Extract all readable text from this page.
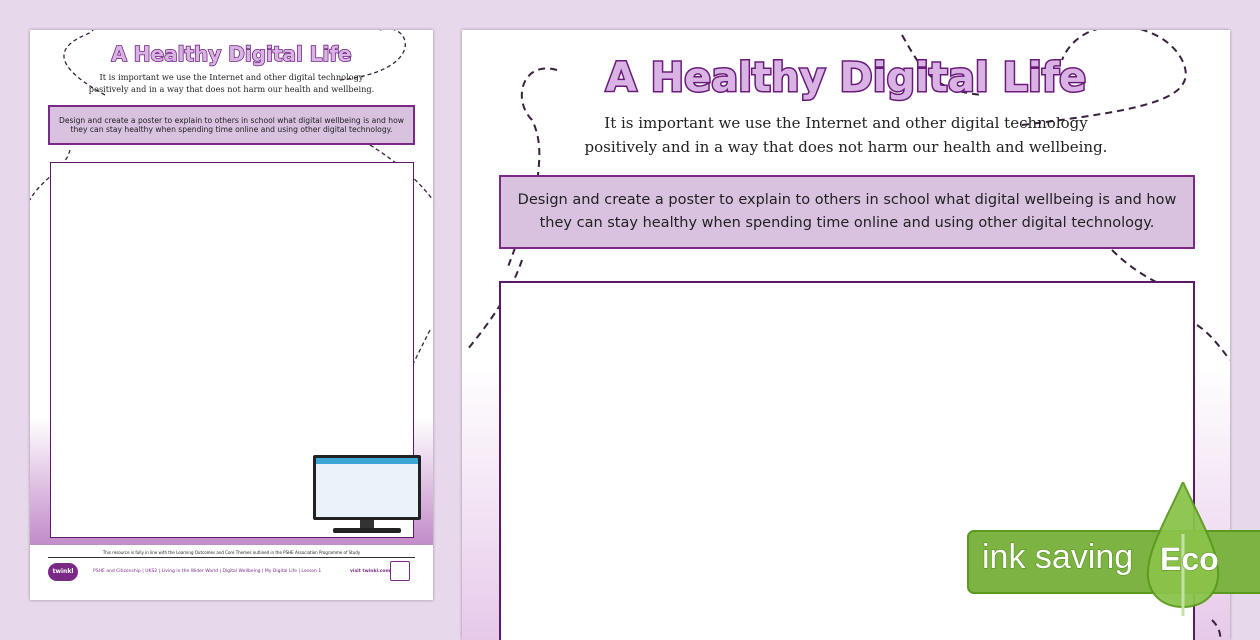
A Healthy Digital Life
It is important we use the Internet and other digital technology
positively and in a way that does not harm our health and wellbeing.
Design and create a poster to explain to others in school what digital wellbeing is and how
they can stay healthy when spending time online and using other digital technology.
This resource is fully in line with the Learning Outcomes and Core Themes outlined in the PSHE Association Programme of Study
twinkl	PSHE and Citizenship | UKS2 | Living in the Wider World | Digital Wellbeing | My Digital Life | Lesson 1	visit twinkl.com
A Healthy Digital Life
It is important we use the Internet and other digital technology
positively and in a way that does not harm our health and wellbeing.
Design and create a poster to explain to others in school what digital wellbeing is and how
they can stay healthy when spending time online and using other digital technology.
ink saving Eco
